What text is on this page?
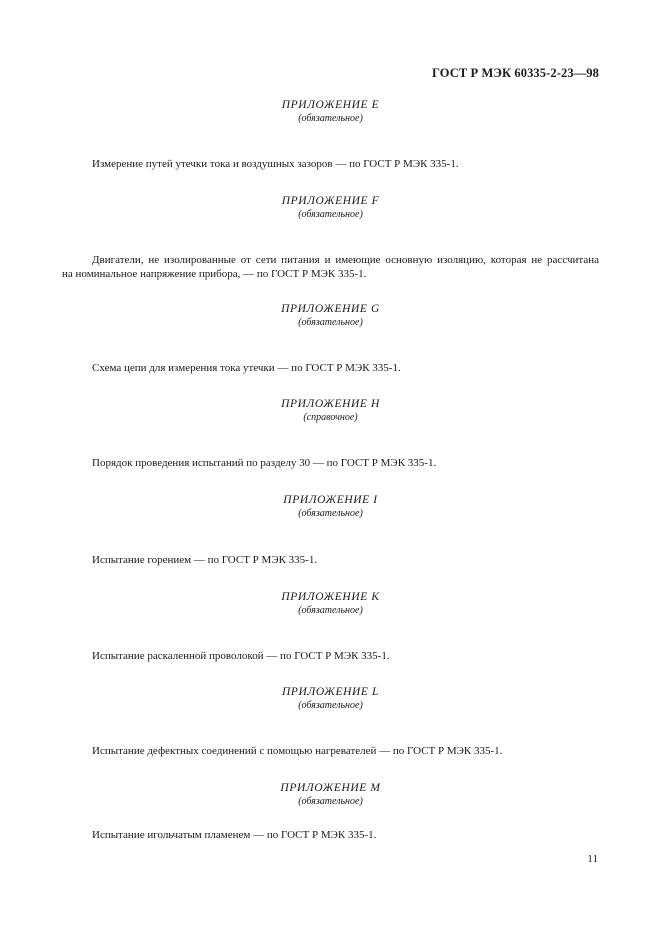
ГОСТ Р МЭК 60335-2-23—98
ПРИЛОЖЕНИЕ E
(обязательное)
Измерение путей утечки тока и воздушных зазоров — по ГОСТ Р МЭК 335-1.
ПРИЛОЖЕНИЕ F
(обязательное)
Двигатели, не изолированные от сети питания и имеющие основную изоляцию, которая не рассчитана
на номинальное напряжение прибора, — по ГОСТ Р МЭК 335-1.
ПРИЛОЖЕНИЕ G
(обязательное)
Схема цепи для измерения тока утечки — по ГОСТ Р МЭК 335-1.
ПРИЛОЖЕНИЕ H
(справочное)
Порядок проведения испытаний по разделу 30 — по ГОСТ Р МЭК 335-1.
ПРИЛОЖЕНИЕ I
(обязательное)
Испытание горением — по ГОСТ Р МЭК 335-1.
ПРИЛОЖЕНИЕ K
(обязательное)
Испытание раскаленной проволокой — по ГОСТ Р МЭК 335-1.
ПРИЛОЖЕНИЕ L
(обязательное)
Испытание дефектных соединений с помощью нагревателей — по ГОСТ Р МЭК 335-1.
ПРИЛОЖЕНИЕ M
(обязательное)
Испытание игольчатым пламенем — по ГОСТ Р МЭК 335-1.
11
